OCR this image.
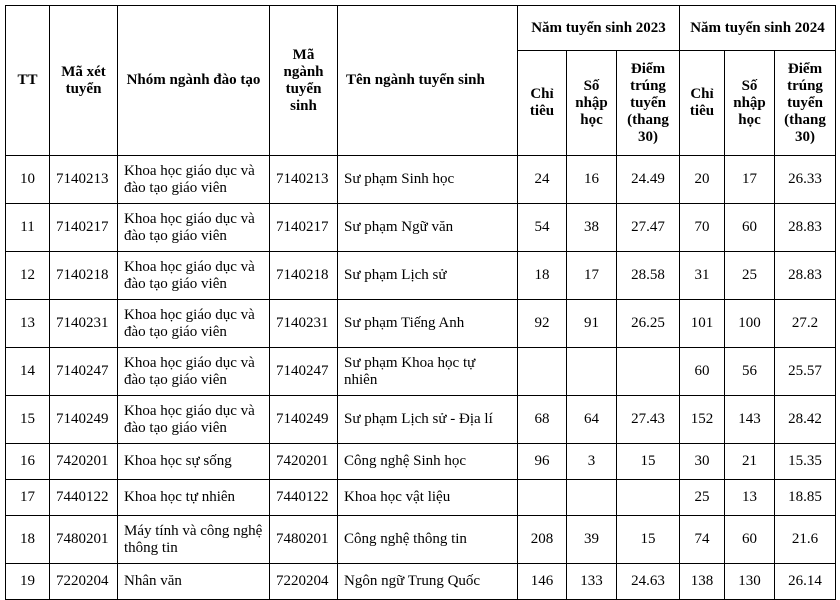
TT	Mã xét tuyển	Nhóm ngành đào tạo	Mã ngành tuyển sinh	Tên ngành tuyển sinh	Năm tuyển sinh 2023			Năm tuyển sinh 2024		
					Chỉ tiêu	Số nhập học	Điểm trúng tuyển (thang 30)	Chỉ tiêu	Số nhập học	Điểm trúng tuyển (thang 30)
10	7140213	Khoa học giáo dục và đào tạo giáo viên	7140213	Sư phạm Sinh học	24	16	24.49	20	17	26.33
11	7140217	Khoa học giáo dục và đào tạo giáo viên	7140217	Sư phạm Ngữ văn	54	38	27.47	70	60	28.83
12	7140218	Khoa học giáo dục và đào tạo giáo viên	7140218	Sư phạm Lịch sử	18	17	28.58	31	25	28.83
13	7140231	Khoa học giáo dục và đào tạo giáo viên	7140231	Sư phạm Tiếng Anh	92	91	26.25	101	100	27.2
14	7140247	Khoa học giáo dục và đào tạo giáo viên	7140247	Sư phạm Khoa học tự nhiên				60	56	25.57
15	7140249	Khoa học giáo dục và đào tạo giáo viên	7140249	Sư phạm Lịch sử - Địa lí	68	64	27.43	152	143	28.42
16	7420201	Khoa học sự sống	7420201	Công nghệ Sinh học	96	3	15	30	21	15.35
17	7440122	Khoa học tự nhiên	7440122	Khoa học vật liệu				25	13	18.85
18	7480201	Máy tính và công nghệ thông tin	7480201	Công nghệ thông tin	208	39	15	74	60	21.6
19	7220204	Nhân văn	7220204	Ngôn ngữ Trung Quốc	146	133	24.63	138	130	26.14
